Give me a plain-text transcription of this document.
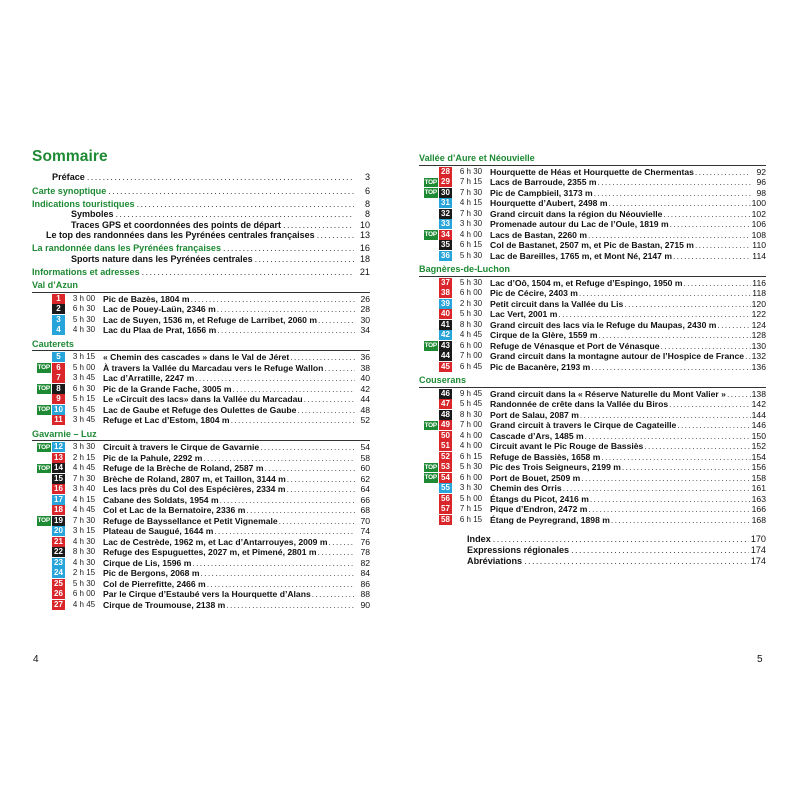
Sommaire
Préface .....	3
Carte synoptique .....	6
Indications touristiques .....	8
Symboles .....	8
Traces GPS et coordonnées des points de départ .....	10
Le top des randonnées dans les Pyrénées centrales françaises .....	13
La randonnée dans les Pyrénées françaises .....	16
Sports nature dans les Pyrénées centrales .....	18
Informations et adresses .....	21
Val d’Azun
1	3 h 00 Pic de Bazès, 1804 m .....	26
2	6 h 30 Lac de Pouey-Laün, 2346 m .....	28
3	5 h 30 Lac de Suyen, 1536 m, et Refuge de Larribet, 2060 m .....	30
4	4 h 30 Lac du Plaa de Prat, 1656 m .....	34
Cauterets
5	3 h 15 « Chemin des cascades » dans le Val de Jéret .....	36
TOP 6	5 h 00 À travers la Vallée du Marcadau vers le Refuge Wallon .....	38
7	3 h 45 Lac d’Arratille, 2247 m .....	40
TOP 8	6 h 30 Pic de la Grande Fache, 3005 m .....	42
9	5 h 15 Le «Circuit des lacs» dans la Vallée du Marcadau .....	44
TOP 10	5 h 45 Lac de Gaube et Refuge des Oulettes de Gaube .....	48
11	3 h 45 Refuge et Lac d’Estom, 1804 m .....	52
Gavarnie – Luz
TOP 12	3 h 30 Circuit à travers le Cirque de Gavarnie .....	54
13	2 h 15 Pic de la Pahule, 2292 m .....	58
TOP 14	4 h 45 Refuge de la Brèche de Roland, 2587 m .....	60
15	7 h 30 Brèche de Roland, 2807 m, et Taillon, 3144 m .....	62
16	3 h 40 Les lacs près du Col des Espécières, 2334 m .....	64
17	4 h 15 Cabane des Soldats, 1954 m .....	66
18	4 h 45 Col et Lac de la Bernatoire, 2336 m .....	68
TOP 19	7 h 30 Refuge de Bayssellance et Petit Vignemale .....	70
20	3 h 15 Plateau de Saugué, 1644 m .....	74
21	4 h 30 Lac de Cestrède, 1962 m, et Lac d’Antarrouyes, 2009 m .....	76
22	8 h 30 Refuge des Espuguettes, 2027 m, et Pimené, 2801 m .....	78
23	4 h 30 Cirque de Lis, 1596 m .....	82
24	2 h 15 Pic de Bergons, 2068 m .....	84
25	5 h 30 Col de Pierrefitte, 2466 m .....	86
26	6 h 00 Par le Cirque d’Estaubé vers la Hourquette d’Alans .....	88
27	4 h 45 Cirque de Troumouse, 2138 m .....	90
Vallée d’Aure et Néouvielle
28	6 h 30 Hourquette de Héas et Hourquette de Chermentas .....	92
TOP 29	7 h 15 Lacs de Barroude, 2355 m .....	96
TOP 30	7 h 30 Pic de Campbieil, 3173 m .....	98
31	4 h 15 Hourquette d’Aubert, 2498 m .....	100
32	7 h 30 Grand circuit dans la région du Néouvielle .....	102
33	3 h 30 Promenade autour du Lac de l’Oule, 1819 m .....	106
TOP 34	4 h 00 Lacs de Bastan, 2260 m .....	108
35	6 h 15 Col de Bastanet, 2507 m, et Pic de Bastan, 2715 m .....	110
36	5 h 30 Lac de Bareilles, 1765 m, et Mont Né, 2147 m .....	114
Bagnères-de-Luchon
37	5 h 30 Lac d’Oô, 1504 m, et Refuge d’Espingo, 1950 m .....	116
38	6 h 00 Pic de Cécire, 2403 m .....	118
39	2 h 30 Petit circuit dans la Vallée du Lis .....	120
40	5 h 30 Lac Vert, 2001 m .....	122
41	8 h 30 Grand circuit des lacs via le Refuge du Maupas, 2430 m .....	124
42	4 h 45 Cirque de la Glère, 1559 m .....	128
TOP 43	6 h 00 Refuge de Vénasque et Port de Vénasque .....	130
44	7 h 00 Grand circuit dans la montagne autour de l’Hospice de France ..... 132
45	6 h 45 Pic de Bacanère, 2193 m .....	136
Couserans
46	9 h 45 Grand circuit dans la « Réserve Naturelle du Mont Valier » .....	138
47	5 h 45 Randonnée de crête dans la Vallée du Biros .....	142
48	8 h 30 Port de Salau, 2087 m .....	144
TOP 49	7 h 00 Grand circuit à travers le Cirque de Cagateille .....	146
50	4 h 00 Cascade d’Ars, 1485 m .....	150
51	4 h 00 Circuit avant le Pic Rouge de Bassiès .....	152
52	6 h 15 Refuge de Bassiès, 1658 m .....	154
TOP 53	5 h 30 Pic des Trois Seigneurs, 2199 m .....	156
TOP 54	6 h 00 Port de Bouet, 2509 m .....	158
55	3 h 30 Chemin des Orris .....	161
56	5 h 00 Étangs du Picot, 2416 m .....	163
57	7 h 15 Pique d’Endron, 2472 m .....	166
58	6 h 15 Étang de Peyregrand, 1898 m .....	168
Index .....	170
Expressions régionales .....	174
Abréviations .....	174
4	5
